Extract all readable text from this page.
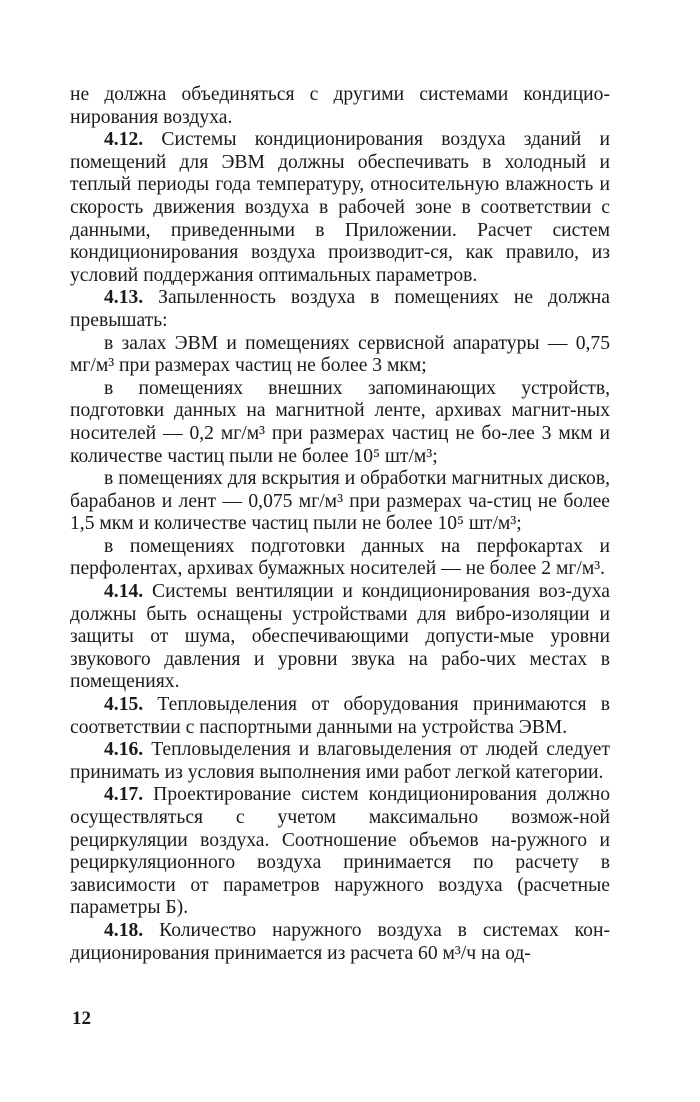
не должна объединяться с другими системами кондицио-нирования воздуха.

4.12. Системы кондиционирования воздуха зданий и помещений для ЭВМ должны обеспечивать в холодный и теплый периоды года температуру, относительную влажность и скорость движения воздуха в рабочей зоне в соответствии с данными, приведенными в Приложении. Расчет систем кондиционирования воздуха производит-ся, как правило, из условий поддержания оптимальных параметров.

4.13. Запыленность воздуха в помещениях не должна превышать:

в залах ЭВМ и помещениях сервисной апаратуры — 0,75 мг/м³ при размерах частиц не более 3 мкм;

в помещениях внешних запоминающих устройств, подготовки данных на магнитной ленте, архивах магнит-ных носителей — 0,2 мг/м³ при размерах частиц не бо-лее 3 мкм и количестве частиц пыли не более 10⁵ шт/м³;

в помещениях для вскрытия и обработки магнитных дисков, барабанов и лент — 0,075 мг/м³ при размерах ча-стиц не более 1,5 мкм и количестве частиц пыли не более 10⁵ шт/м³;

в помещениях подготовки данных на перфокартах и перфолентах, архивах бумажных носителей — не более 2 мг/м³.

4.14. Системы вентиляции и кондиционирования воз-духа должны быть оснащены устройствами для вибро-изоляции и защиты от шума, обеспечивающими допусти-мые уровни звукового давления и уровни звука на рабо-чих местах в помещениях.

4.15. Тепловыделения от оборудования принимаются в соответствии с паспортными данными на устройства ЭВМ.

4.16. Тепловыделения и влаговыделения от людей следует принимать из условия выполнения ими работ легкой категории.

4.17. Проектирование систем кондиционирования должно осуществляться с учетом максимально возмож-ной рециркуляции воздуха. Соотношение объемов на-ружного и рециркуляционного воздуха принимается по расчету в зависимости от параметров наружного воздуха (расчетные параметры Б).

4.18. Количество наружного воздуха в системах кон-диционирования принимается из расчета 60 м³/ч на од-

12
